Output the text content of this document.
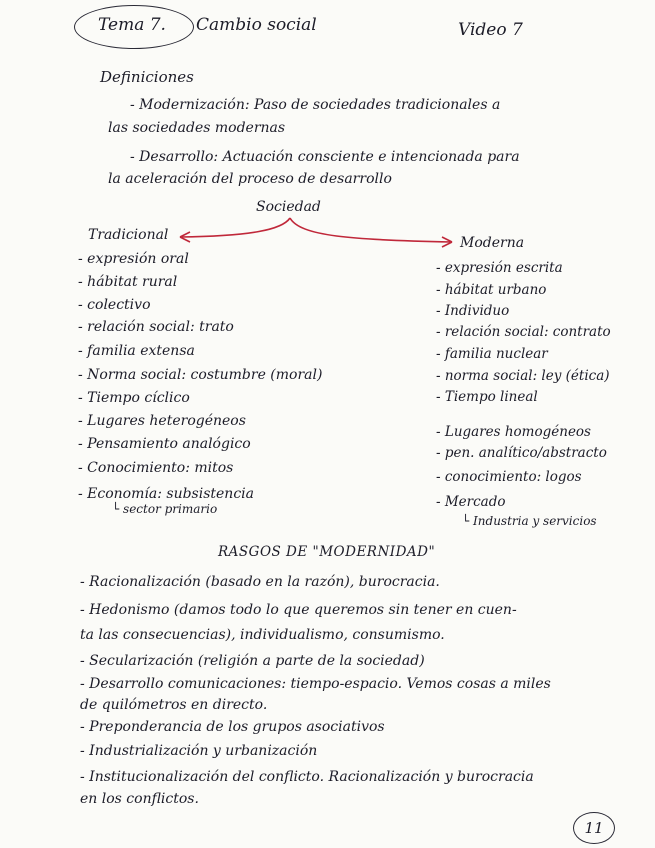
Tema 7. Cambio social	Video 7
Definiciones
- Modernización: Paso de sociedades tradicionales a
las sociedades modernas
- Desarrollo: Actuación consciente e intencionada para
la aceleración del proceso de desarrollo
Sociedad
Tradicional	Moderna
- expresión oral
- hábitat rural
- colectivo
- relación social: trato
- familia extensa
- Norma social: costumbre (moral)
- Tiempo cíclico
- Lugares heterogéneos
- Pensamiento analógico
- Conocimiento: mitos
- Economía: subsistencia
└ sector primario
- expresión escrita
- hábitat urbano
- Individuo
- relación social: contrato
- familia nuclear
- norma social: ley (ética)
- Tiempo lineal
- Lugares homogéneos
- pen. analítico/abstracto
- conocimiento: logos
- Mercado
└ Industria y servicios
RASGOS DE "MODERNIDAD"
- Racionalización (basado en la razón), burocracia.
- Hedonismo (damos todo lo que queremos sin tener en cuen-
ta las consecuencias), individualismo, consumismo.
- Secularización (religión a parte de la sociedad)
- Desarrollo comunicaciones: tiempo-espacio. Vemos cosas a miles
de quilómetros en directo.
- Preponderancia de los grupos asociativos
- Industrialización y urbanización
- Institucionalización del conflicto. Racionalización y burocracia
en los conflictos.
11
